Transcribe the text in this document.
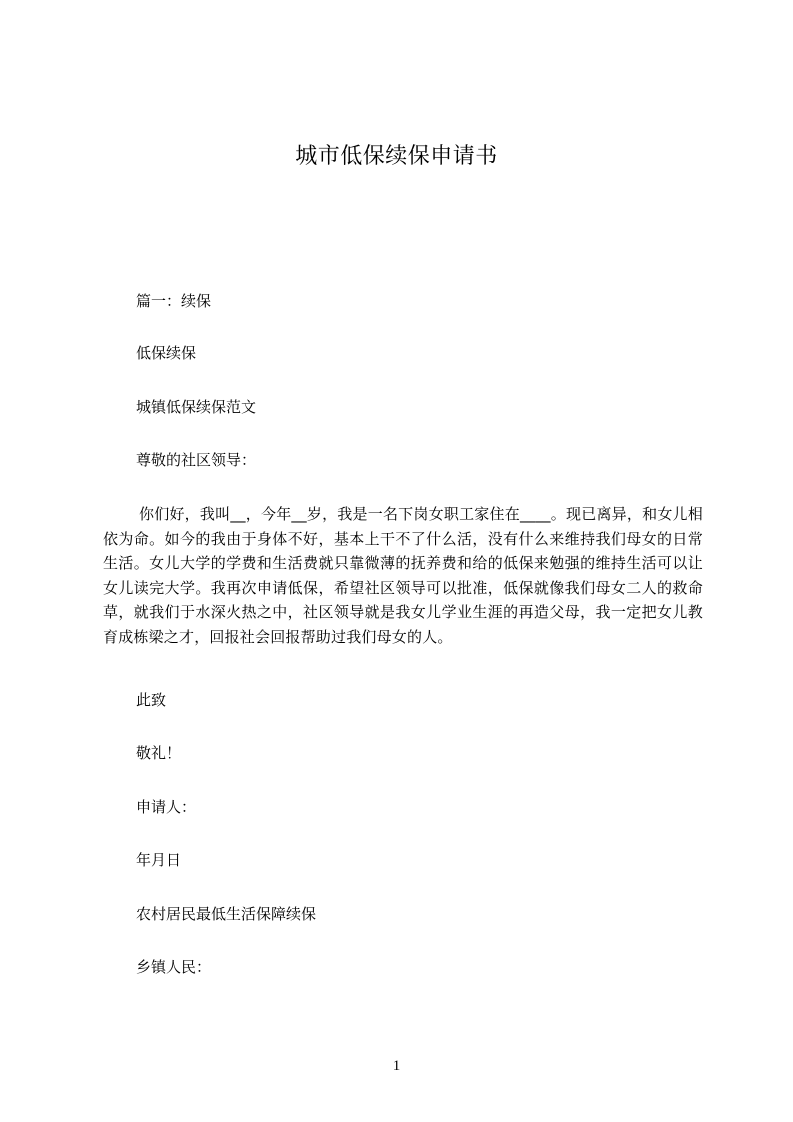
城市低保续保申请书
篇一：续保
低保续保
城镇低保续保范文
尊敬的社区领导：
你们好，我叫__，今年__岁，我是一名下岗女职工家住在____。现已离异，和女儿相依为命。如今的我由于身体不好，基本上干不了什么活，没有什么来维持我们母女的日常生活。女儿大学的学费和生活费就只靠微薄的抚养费和给的低保来勉强的维持生活可以让女儿读完大学。我再次申请低保，希望社区领导可以批准，低保就像我们母女二人的救命草，就我们于水深火热之中，社区领导就是我女儿学业生涯的再造父母，我一定把女儿教育成栋梁之才，回报社会回报帮助过我们母女的人。
此致
敬礼！
申请人：
年月日
农村居民最低生活保障续保
乡镇人民：
1
